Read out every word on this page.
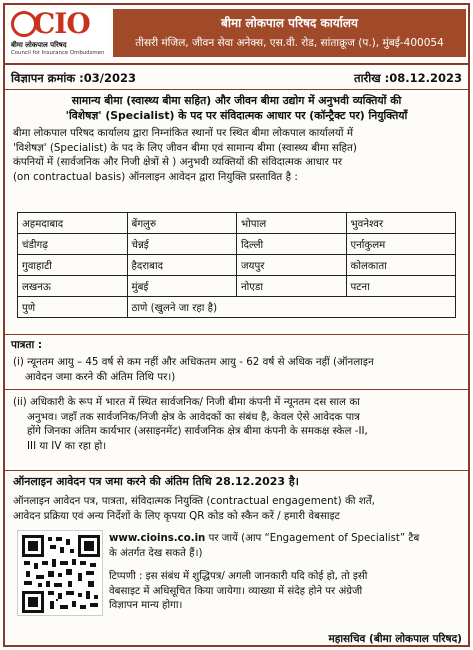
CIO
बीमा लोकपाल परिषद
Council for Insurance Ombudsmen
बीमा लोकपाल परिषद कार्यालय
तीसरी मंजिल, जीवन सेवा अनेक्स, एस.वी. रोड, सांताक्रूज (प.), मुंबई-400054
विज्ञापन क्रमांक :03/2023	तारीख :08.12.2023
सामान्य बीमा (स्वास्थ्य बीमा सहित) और जीवन बीमा उद्योग में अनुभवी व्यक्तियों की
'विशेषज्ञ' (Specialist) के पद पर संविदात्मक आधार पर (कॉन्ट्रैक्ट पर) नियुक्तियाँ
बीमा लोकपाल परिषद कार्यालय द्वारा निम्नांकित स्थानों पर स्थित बीमा लोकपाल कार्यालयों में
'विशेषज्ञ' (Specialist) के पद के लिए जीवन बीमा एवं सामान्य बीमा (स्वास्थ्य बीमा सहित)
कंपनियों में (सार्वजनिक और निजी क्षेत्रों से ) अनुभवी व्यक्तियों की संविदात्मक आधार पर
(on contractual basis) ऑनलाइन आवेदन द्वारा नियुक्ति प्रस्तावित है :
अहमदाबाद	बेंगलुरु	भोपाल	भुवनेश्वर
चंडीगढ़	चेन्नई	दिल्ली	एर्नाकुलम
गुवाहाटी	हैदराबाद	जयपुर	कोलकाता
लखनऊ	मुंबई	नोएडा	पटना
पुणे	ठाणे (खुलने जा रहा है)		
पात्रता :
(i) न्यूनतम आयु – 45 वर्ष से कम नहीं और अधिकतम आयु - 62 वर्ष से अधिक नहीं (ऑनलाइन
आवेदन जमा करने की अंतिम तिथि पर।)
(ii) अधिकारी के रूप में भारत में स्थित सार्वजनिक/ निजी बीमा कंपनी में न्यूनतम दस साल का
अनुभव। जहाँ तक सार्वजनिक/निजी क्षेत्र के आवेदकों का संबंध है, केवल ऐसे आवेदक पात्र
होंगे जिनका अंतिम कार्यभार (असाइनमेंट) सार्वजनिक क्षेत्र बीमा कंपनी के समकक्ष स्केल -II,
III या IV का रहा हो।
ऑनलाइन आवेदन पत्र जमा करने की अंतिम तिथि 28.12.2023 है।
ऑनलाइन आवेदन पत्र, पात्रता, संविदात्मक नियुक्ति (contractual engagement) की शर्तें,
आवेदन प्रक्रिया एवं अन्य निर्देशों के लिए कृपया QR कोड को स्कैन करें / हमारी वेबसाइट
www.cioins.co.in पर जायें (आप “Engagement of Specialist” टैब
के अंतर्गत देख सकते हैं।)
टिप्पणी : इस संबंध में शुद्धिपत्र/ अगली जानकारी यदि कोई हो, तो इसी
वेबसाइट में अधिसूचित किया जायेगा। व्याख्या में संदेह होने पर अंग्रेजी
विज्ञापन मान्य होगा।
महासचिव (बीमा लोकपाल परिषद)
